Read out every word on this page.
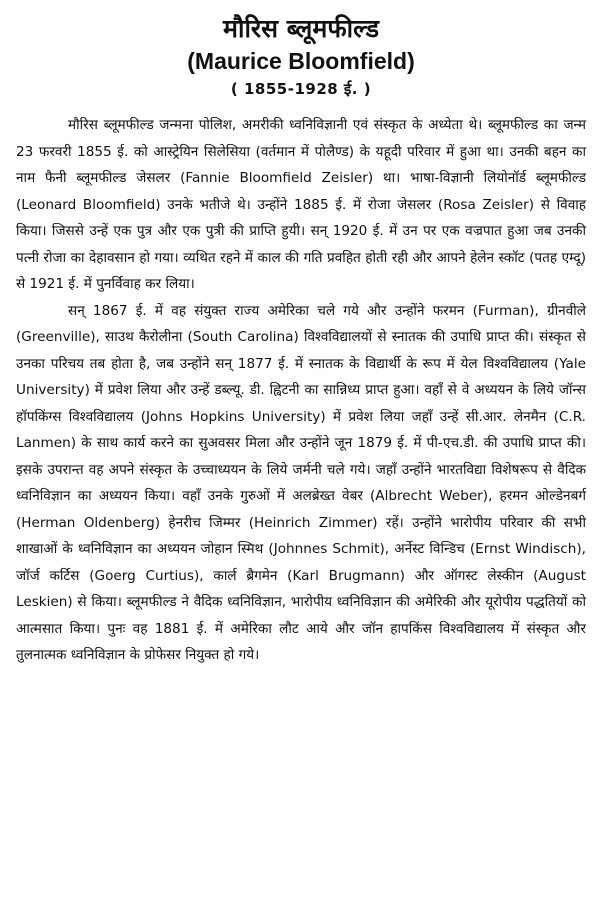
मौरिस ब्लूमफील्ड
(Maurice Bloomfield)
( 1855-1928 ई. )

मौरिस ब्लूमफील्ड जन्मना पोलिश, अमरीकी ध्वनिविज्ञानी एवं संस्कृत के अध्येता थे। ब्लूमफील्ड का जन्म 23 फरवरी 1855 ई. को आस्ट्रेयिन सिलेसिया (वर्तमान में पोलैण्ड) के यहूदी परिवार में हुआ था। उनकी बहन का नाम फैनी ब्लूमफील्ड जेसलर (Fannie Bloomfield Zeisler) था। भाषा-विज्ञानी लियोनॉर्ड ब्लूमफील्ड (Leonard Bloomfield) उनके भतीजे थे। उन्होंने 1885 ई. में रोजा जेसलर (Rosa Zeisler) से विवाह किया। जिससे उन्हें एक पुत्र और एक पुत्री की प्राप्ति हुयी। सन् 1920 ई. में उन पर एक वज्रपात हुआ जब उनकी पत्नी रोजा का देहावसान हो गया। व्यथित रहने में काल की गति प्रवहित होती रही और आपने हेलेन स्कॉट (पतह एम्दू) से 1921 ई. में पुनर्विवाह कर लिया।

सन् 1867 ई. में वह संयुक्त राज्य अमेरिका चले गये और उन्होंने फरमन (Furman), ग्रीनवीले (Greenville), साउथ कैरोलीना (South Carolina) विश्वविद्यालयों से स्नातक की उपाधि प्राप्त की। संस्कृत से उनका परिचय तब होता है, जब उन्होंने सन् 1877 ई. में स्नातक के विद्यार्थी के रूप में येल विश्वविद्यालय (Yale University) में प्रवेश लिया और उन्हें डब्ल्यू. डी. ह्विटनी का सान्निध्य प्राप्त हुआ। वहाँ से वे अध्ययन के लिये जॉन्स हॉपकिंग्स विश्वविद्यालय (Johns Hopkins University) में प्रवेश लिया जहाँ उन्हें सी.आर. लेनमैन (C.R. Lanmen) के साथ कार्य करने का सुअवसर मिला और उन्होंने जून 1879 ई. में पी-एच.डी. की उपाधि प्राप्त की। इसके उपरान्त वह अपने संस्कृत के उच्चाध्ययन के लिये जर्मनी चले गये। जहाँ उन्होंने भारतविद्या विशेषरूप से वैदिक ध्वनिविज्ञान का अध्ययन किया। वहाँ उनके गुरुओं में अलब्रेख्त वेबर (Albrecht Weber), हरमन ओल्डेनबर्ग (Herman Oldenberg) हेनरीच जिम्मर (Heinrich Zimmer) रहें। उन्होंने भारोपीय परिवार की सभी शाखाओं के ध्वनिविज्ञान का अध्ययन जोहान स्मिथ (Johnnes Schmit), अर्नेस्ट विन्डिच (Ernst Windisch), जॉर्ज कर्टिस (Goerg Curtius), कार्ल ब्रैगमेन (Karl Brugmann) और ऑगस्ट लेस्कीन (August Leskien) से किया। ब्लूमफील्ड ने वैदिक ध्वनिविज्ञान, भारोपीय ध्वनिविज्ञान की अमेरिकी और यूरोपीय पद्धतियों को आत्मसात किया। पुनः वह 1881 ई. में अमेरिका लौट आये और जॉन हापकिंस विश्वविद्यालय में संस्कृत और तुलनात्मक ध्वनिविज्ञान के प्रोफेसर नियुक्त हो गये।
